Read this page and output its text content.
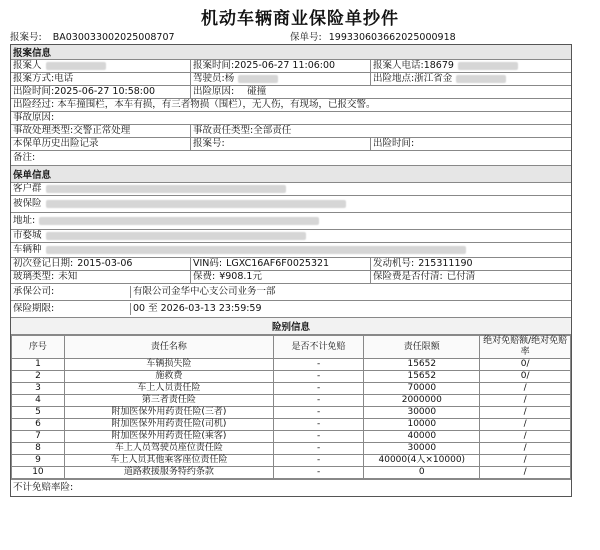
机动车辆商业保险单抄件
报案号: BA030033002025008707	保单号: 19933060366202500091​8
报案信息
报案人	报案时间:2025-06-27 11:06:00	报案人电话:18679
报案方式:电话	驾驶员:杨	出险地点:浙江省金
出险时间:2025-06-27 10:58:00	出险原因: 碰撞
出险经过: 本车撞围栏，本车有损，有三者物损（围栏），无人伤，有现场，已报交警。
事故原因:
事故处理类型:交警正常处理	事故责任类型:全部责任
本保单历史出险记录	报案号:	出险时间:
备注:
保单信息
客户群
被保险
地址:
市婺城
车辆种
初次登记日期: 2015-03-06	VIN码: LGXC16AF6F0025321	发动机号: 215311190
玻璃类型: 未知	保费: ¥908.1元	保险费是否付清: 已付清
承保公司:	有限公司金华中心支公司业务一部
保险期限:	00 至 2026-03-13 23:59:59
险别信息
序号	责任名称	是否不计免赔	责任限额	绝对免赔额/绝对免赔率
1	车辆损失险	-	15652	0/
2	施救费	-	15652	0/
3	车上人员责任险	-	70000	/
4	第三者责任险	-	2000000	/
5	附加医保外用药责任险(三者)	-	30000	/
6	附加医保外用药责任险(司机)	-	10000	/
7	附加医保外用药责任险(乘客)	-	40000	/
8	车上人员驾驶员座位责任险	-	30000	/
9	车上人员其他乘客座位责任险	-	40000(4人×10000)	/
10	道路救援服务特约条款	-	0	/
不计免赔率险:
